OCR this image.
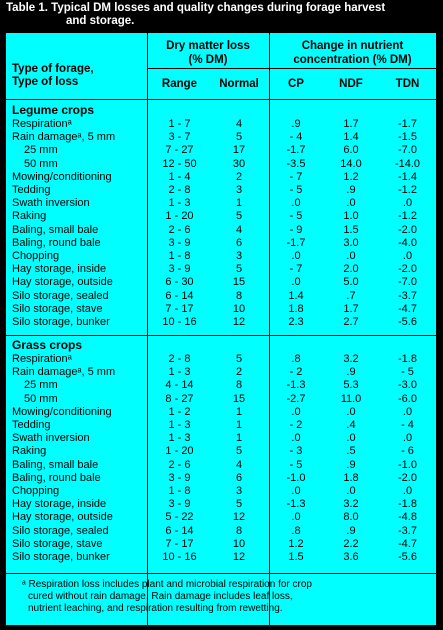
Table 1. Typical DM losses and quality changes during forage harvest
and storage.
Type of forage,
Type of loss
Dry matter loss
(% DM)
Change in nutrient
concentration (% DM)
Range	Normal	CP	NDF	TDN
Legume crops
Respirationᵃ	1 - 7	4	.9	1.7	-1.7
Rain damageᵃ, 5 mm	3 - 7	5	- 4	1.4	-1.5
25 mm	7 - 27	17	-1.7	6.0	-7.0
50 mm	12 - 50	30	-3.5	14.0	-14.0
Mowing/conditioning	1 - 4	2	- 7	1.2	-1.4
Tedding	2 - 8	3	- 5	.9	-1.2
Swath inversion	1 - 3	1	.0	.0	.0
Raking	1 - 20	5	- 5	1.0	-1.2
Baling, small bale	2 - 6	4	- 9	1.5	-2.0
Baling, round bale	3 - 9	6	-1.7	3.0	-4.0
Chopping	1 - 8	3	.0	.0	.0
Hay storage, inside	3 - 9	5	- 7	2.0	-2.0
Hay storage, outside	6 - 30	15	.0	5.0	-7.0
Silo storage, sealed	6 - 14	8	1.4	.7	-3.7
Silo storage, stave	7 - 17	10	1.8	1.7	-4.7
Silo storage, bunker	10 - 16	12	2.3	2.7	-5.6
Grass crops
Respirationᵃ	2 - 8	5	.8	3.2	-1.8
Rain damageᵃ, 5 mm	1 - 3	2	- 2	.9	- 5
25 mm	4 - 14	8	-1.3	5.3	-3.0
50 mm	8 - 27	15	-2.7	11.0	-6.0
Mowing/conditioning	1 - 2	1	.0	.0	.0
Tedding	1 - 3	1	- 2	.4	- 4
Swath inversion	1 - 3	1	.0	.0	.0
Raking	1 - 20	5	- 3	.5	- 6
Baling, small bale	2 - 6	4	- 5	.9	-1.0
Baling, round bale	3 - 9	6	-1.0	1.8	-2.0
Chopping	1 - 8	3	.0	.0	.0
Hay storage, inside	3 - 9	5	-1.3	3.2	-1.8
Hay storage, outside	5 - 22	12	.0	8.0	-4.8
Silo storage, sealed	6 - 14	8	.8	.9	-3.7
Silo storage, stave	7 - 17	10	1.2	2.2	-4.7
Silo storage, bunker	10 - 16	12	1.5	3.6	-5.6
ᵃ Respiration loss includes plant and microbial respiration for crop
cured without rain damage. Rain damage includes leaf loss,
nutrient leaching, and respiration resulting from rewetting.
